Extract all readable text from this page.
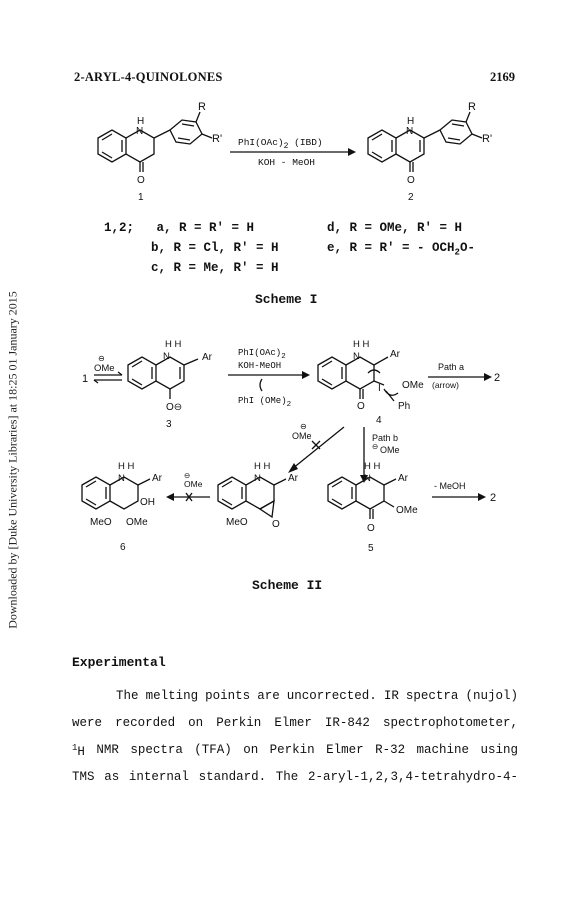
2-ARYL-4-QUINOLONES	2169
Downloaded by [Duke University Libraries] at 18:25 01 January 2015
H
N
O
R
R'
1
$PhI(OAc)_2$ (IBD)
KOH - MeOH
H
N
O
R
R'
2
1,2; a, R = R' = H	d, R = OMe, R' = H
b, R = Cl, R' = H	e, R = R' = - $OCH_2O-$
c, R = Me, R' = H
Scheme I
1
⊖
OMe
H H
N	Ar
O⊖
3
$PhI(OAc)_2$
KOH-MeOH
PhI $(OMe)_2$
H H
N	Ar
I OMe
Ph
O
4
Path a
(arrow)
2
⊖
OMe	Path b
⊖ OMe
H H
N	Ar
OH
MeO OMe
6
⊖
OMe
H H
N	Ar
MeO O
H H
N	Ar
OMe
O
5
- MeOH
2
Scheme II
Experimental
The melting points are uncorrected. IR spectra (nujol)
were recorded on Perkin Elmer IR-842 spectrophotometer,
$^1$H NMR spectra (TFA) on Perkin Elmer R-32 machine using
TMS as internal standard. The 2-aryl-1,2,3,4-tetrahydro-4-
